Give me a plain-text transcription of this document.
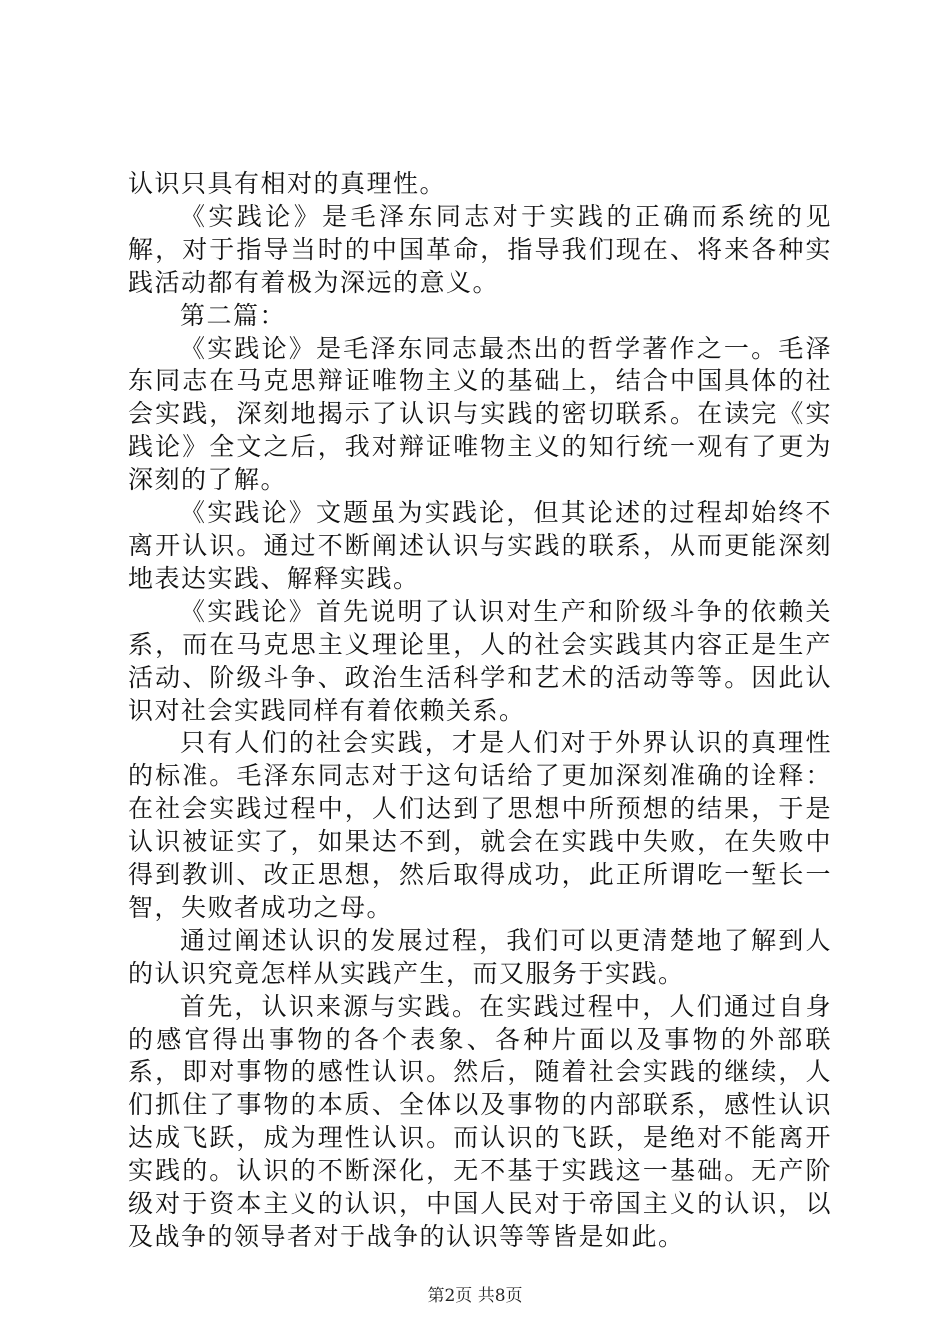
认识只具有相对的真理性。

《实践论》是毛泽东同志对于实践的正确而系统的见解，对于指导当时的中国革命，指导我们现在、将来各种实践活动都有着极为深远的意义。

第二篇：

《实践论》是毛泽东同志最杰出的哲学著作之一。毛泽东同志在马克思辩证唯物主义的基础上，结合中国具体的社会实践，深刻地揭示了认识与实践的密切联系。在读完《实践论》全文之后，我对辩证唯物主义的知行统一观有了更为深刻的了解。

《实践论》文题虽为实践论，但其论述的过程却始终不离开认识。通过不断阐述认识与实践的联系，从而更能深刻地表达实践、解释实践。

《实践论》首先说明了认识对生产和阶级斗争的依赖关系，而在马克思主义理论里，人的社会实践其内容正是生产活动、阶级斗争、政治生活科学和艺术的活动等等。因此认识对社会实践同样有着依赖关系。

只有人们的社会实践，才是人们对于外界认识的真理性的标准。毛泽东同志对于这句话给了更加深刻准确的诠释：在社会实践过程中，人们达到了思想中所预想的结果，于是认识被证实了，如果达不到，就会在实践中失败，在失败中得到教训、改正思想，然后取得成功，此正所谓吃一堑长一智，失败者成功之母。

通过阐述认识的发展过程，我们可以更清楚地了解到人的认识究竟怎样从实践产生，而又服务于实践。

首先，认识来源与实践。在实践过程中，人们通过自身的感官得出事物的各个表象、各种片面以及事物的外部联系，即对事物的感性认识。然后，随着社会实践的继续，人们抓住了事物的本质、全体以及事物的内部联系，感性认识达成飞跃，成为理性认识。而认识的飞跃，是绝对不能离开实践的。认识的不断深化，无不基于实践这一基础。无产阶级对于资本主义的认识，中国人民对于帝国主义的认识，以及战争的领导者对于战争的认识等等皆是如此。

第2页 共8页
